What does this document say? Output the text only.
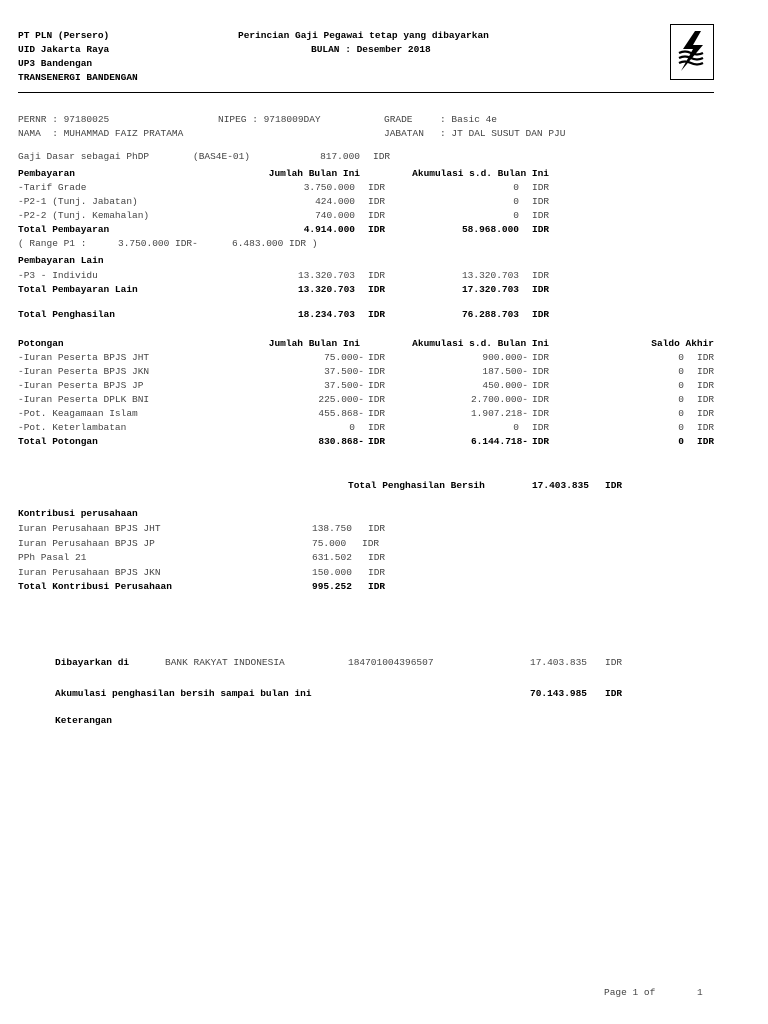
PT PLN (Persero)
UID Jakarta Raya
UP3 Bandengan
TRANSENERGI BANDENGAN
Perincian Gaji Pegawai tetap yang dibayarkan
BULAN : Desember 2018
PERNR : 97180025	NIPEG : 9718009DAY	GRADE	: Basic 4e
NAMA  : MUHAMMAD FAIZ PRATAMA	JABATAN : JT DAL SUSUT DAN PJU
Gaji Dasar sebagai PhDP	(BAS4E-01)	817.000 IDR
Pembayaran	Jumlah Bulan Ini	Akumulasi s.d. Bulan Ini
-Tarif Grade	3.750.000 IDR	0 IDR
-P2-1 (Tunj. Jabatan)	424.000 IDR	0 IDR
-P2-2 (Tunj. Kemahalan)	740.000 IDR	0 IDR
Total Pembayaran	4.914.000 IDR	58.968.000 IDR
( Range P1 :	3.750.000 IDR-      6.483.000 IDR )
Pembayaran Lain
-P3 - Individu	13.320.703 IDR	13.320.703 IDR
Total Pembayaran Lain	13.320.703 IDR	17.320.703 IDR
Total Penghasilan	18.234.703 IDR	76.288.703 IDR
Potongan	Jumlah Bulan Ini	Akumulasi s.d. Bulan Ini	Saldo Akhir
-Iuran Peserta BPJS JHT	75.000- IDR	900.000- IDR	0 IDR
-Iuran Peserta BPJS JKN	37.500- IDR	187.500- IDR	0 IDR
-Iuran Peserta BPJS JP	37.500- IDR	450.000- IDR	0 IDR
-Iuran Peserta DPLK BNI	225.000- IDR	2.700.000- IDR	0 IDR
-Pot. Keagamaan Islam	455.868- IDR	1.907.218- IDR	0 IDR
-Pot. Keterlambatan	0 IDR	0 IDR	0 IDR
Total Potongan	830.868- IDR	6.144.718- IDR	0 IDR
Total Penghasilan Bersih	17.403.835 IDR
Kontribusi perusahaan
Iuran Perusahaan BPJS JHT	138.750 IDR
Iuran Perusahaan BPJS JP	75.000 IDR
PPh Pasal 21	631.502 IDR
Iuran Perusahaan BPJS JKN	150.000 IDR
Total Kontribusi Perusahaan	995.252 IDR
Dibayarkan di	BANK RAKYAT INDONESIA	184701004396507	17.403.835 IDR
Akumulasi penghasilan bersih sampai bulan ini	70.143.985 IDR
Keterangan
Page 1 of	1
